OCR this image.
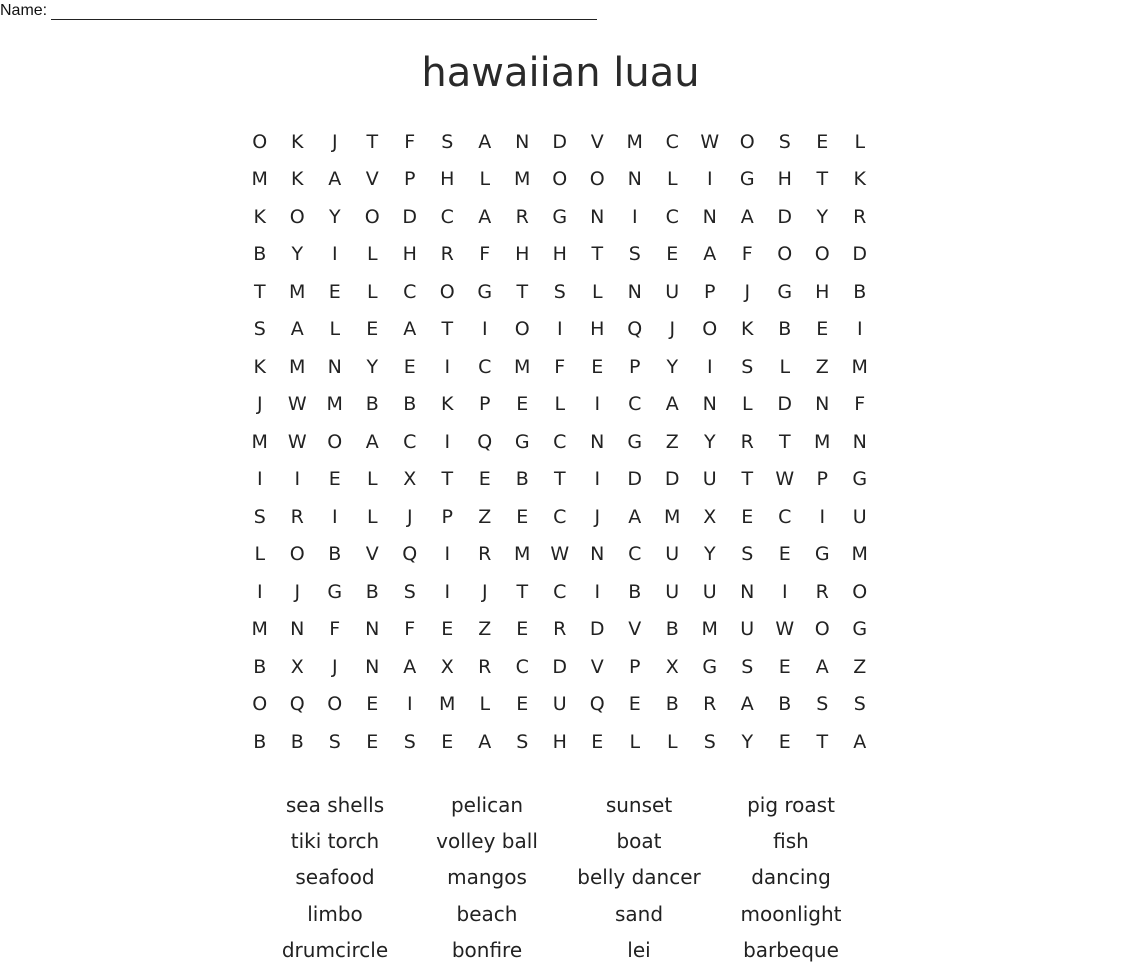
Name:
hawaiian luau
O	K	J	T	F	S	A	N	D	V	M	C	W	O	S	E	L
M	K	A	V	P	H	L	M	O	O	N	L	I	G	H	T	K
K	O	Y	O	D	C	A	R	G	N	I	C	N	A	D	Y	R
B	Y	I	L	H	R	F	H	H	T	S	E	A	F	O	O	D
T	M	E	L	C	O	G	T	S	L	N	U	P	J	G	H	B
S	A	L	E	A	T	I	O	I	H	Q	J	O	K	B	E	I
K	M	N	Y	E	I	C	M	F	E	P	Y	I	S	L	Z	M
J	W	M	B	B	K	P	E	L	I	C	A	N	L	D	N	F
M	W	O	A	C	I	Q	G	C	N	G	Z	Y	R	T	M	N
I	I	E	L	X	T	E	B	T	I	D	D	U	T	W	P	G
S	R	I	L	J	P	Z	E	C	J	A	M	X	E	C	I	U
L	O	B	V	Q	I	R	M	W	N	C	U	Y	S	E	G	M
I	J	G	B	S	I	J	T	C	I	B	U	U	N	I	R	O
M	N	F	N	F	E	Z	E	R	D	V	B	M	U	W	O	G
B	X	J	N	A	X	R	C	D	V	P	X	G	S	E	A	Z
O	Q	O	E	I	M	L	E	U	Q	E	B	R	A	B	S	S
B	B	S	E	S	E	A	S	H	E	L	L	S	Y	E	T	A
sea shells	pelican	sunset	pig roast
tiki torch	volley ball	boat	fish
seafood	mangos	belly dancer	dancing
limbo	beach	sand	moonlight
drumcircle	bonfire	lei	barbeque
